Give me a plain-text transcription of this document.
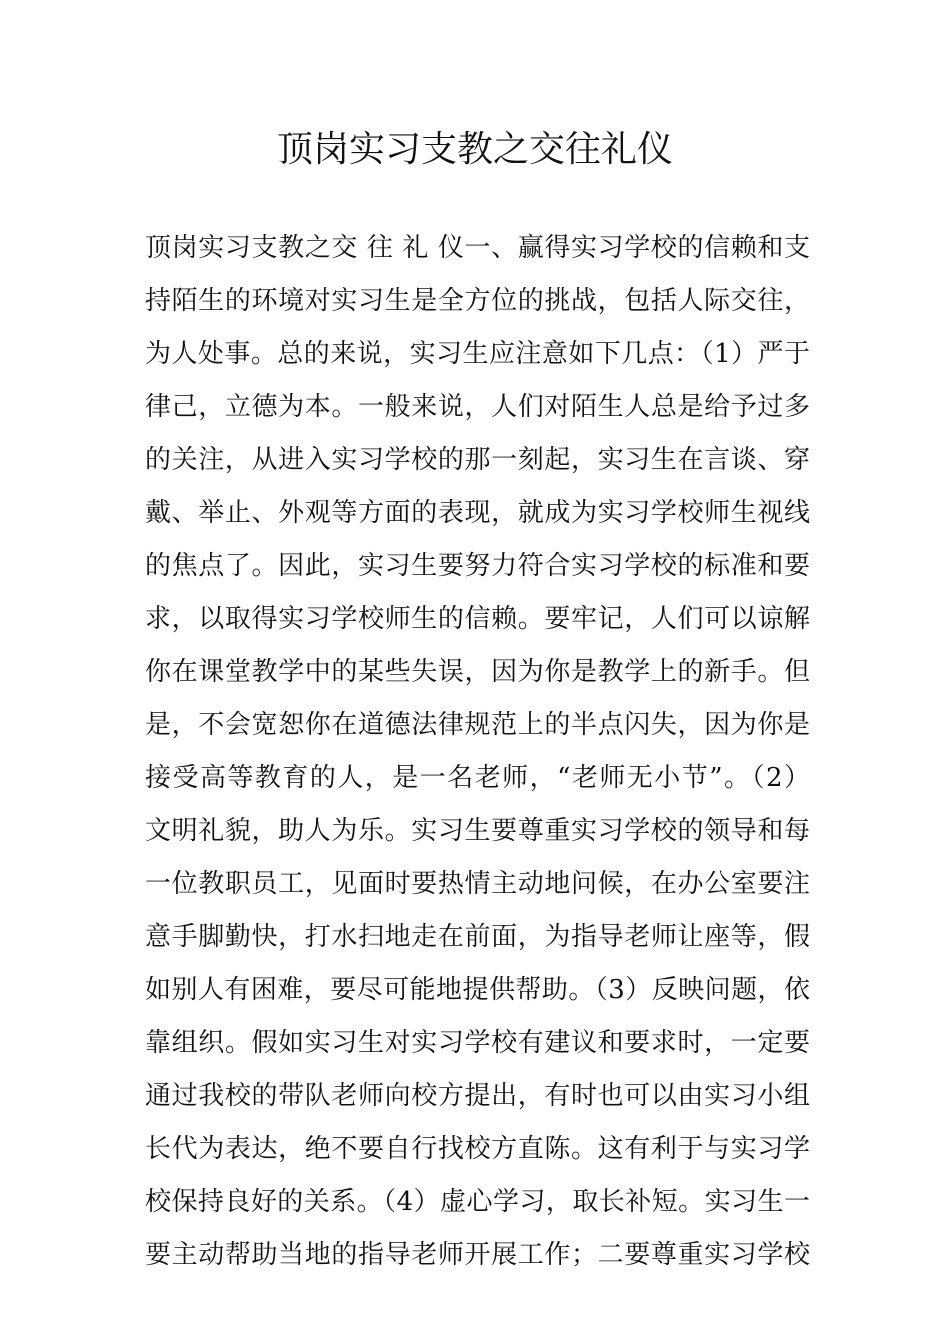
顶岗实习支教之交往礼仪
顶岗实习支教之交 往 礼 仪一、赢得实习学校的信赖和支
持陌生的环境对实习生是全方位的挑战，包括人际交往，
为人处事。总的来说，实习生应注意如下几点：（1）严于
律己，立德为本。一般来说，人们对陌生人总是给予过多
的关注，从进入实习学校的那一刻起，实习生在言谈、穿
戴、举止、外观等方面的表现，就成为实习学校师生视线
的焦点了。因此，实习生要努力符合实习学校的标准和要
求，以取得实习学校师生的信赖。要牢记，人们可以谅解
你在课堂教学中的某些失误，因为你是教学上的新手。但
是，不会宽恕你在道德法律规范上的半点闪失，因为你是
接受高等教育的人，是一名老师，“老师无小节”。（2）
文明礼貌，助人为乐。实习生要尊重实习学校的领导和每
一位教职员工，见面时要热情主动地问候，在办公室要注
意手脚勤快，打水扫地走在前面，为指导老师让座等，假
如别人有困难，要尽可能地提供帮助。（3）反映问题，依
靠组织。假如实习生对实习学校有建议和要求时，一定要
通过我校的带队老师向校方提出，有时也可以由实习小组
长代为表达，绝不要自行找校方直陈。这有利于与实习学
校保持良好的关系。（4）虚心学习，取长补短。实习生一
要主动帮助当地的指导老师开展工作；二要尊重实习学校
